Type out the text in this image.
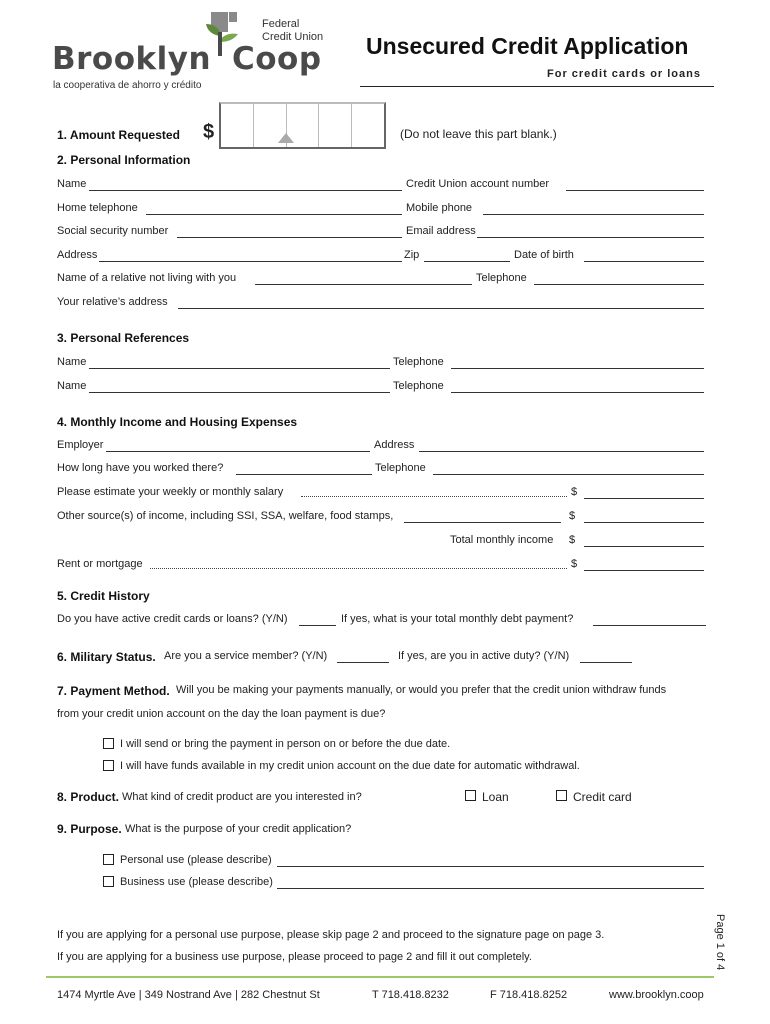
Federal
Credit Union
Brooklyn Coop
la cooperativa de ahorro y crédito
Unsecured Credit Application
For credit cards or loans
1. Amount Requested $	(Do not leave this part blank.)
2. Personal Information
Name	Credit Union account number
Home telephone	Mobile phone
Social security number	Email address
Address	Zip	Date of birth
Name of a relative not living with you	Telephone
Your relative’s address
3. Personal References
Name	Telephone
Name	Telephone
4. Monthly Income and Housing Expenses
Employer	Address
How long have you worked there?	Telephone
Please estimate your weekly or monthly salary	$
Other source(s) of income, including SSI, SSA, welfare, food stamps,	$
Total monthly income $
Rent or mortgage	$
5. Credit History
Do you have active credit cards or loans? (Y/N)	If yes, what is your total monthly debt payment?
6. Military Status. Are you a service member? (Y/N)	If yes, are you in active duty? (Y/N)
7. Payment Method. Will you be making your payments manually, or would you prefer that the credit union withdraw funds
from your credit union account on the day the loan payment is due?
I will send or bring the payment in person on or before the due date.
I will have funds available in my credit union account on the due date for automatic withdrawal.
8. Product. What kind of credit product are you interested in?	Loan	Credit card
9. Purpose. What is the purpose of your credit application?
Personal use (please describe)
Business use (please describe)
If you are applying for a personal use purpose, please skip page 2 and proceed to the signature page on page 3.
If you are applying for a business use purpose, please proceed to page 2 and fill it out completely.	Page 1 of 4
1474 Myrtle Ave | 349 Nostrand Ave | 282 Chestnut St	T 718.418.8232	F 718.418.8252	www.brooklyn.coop
